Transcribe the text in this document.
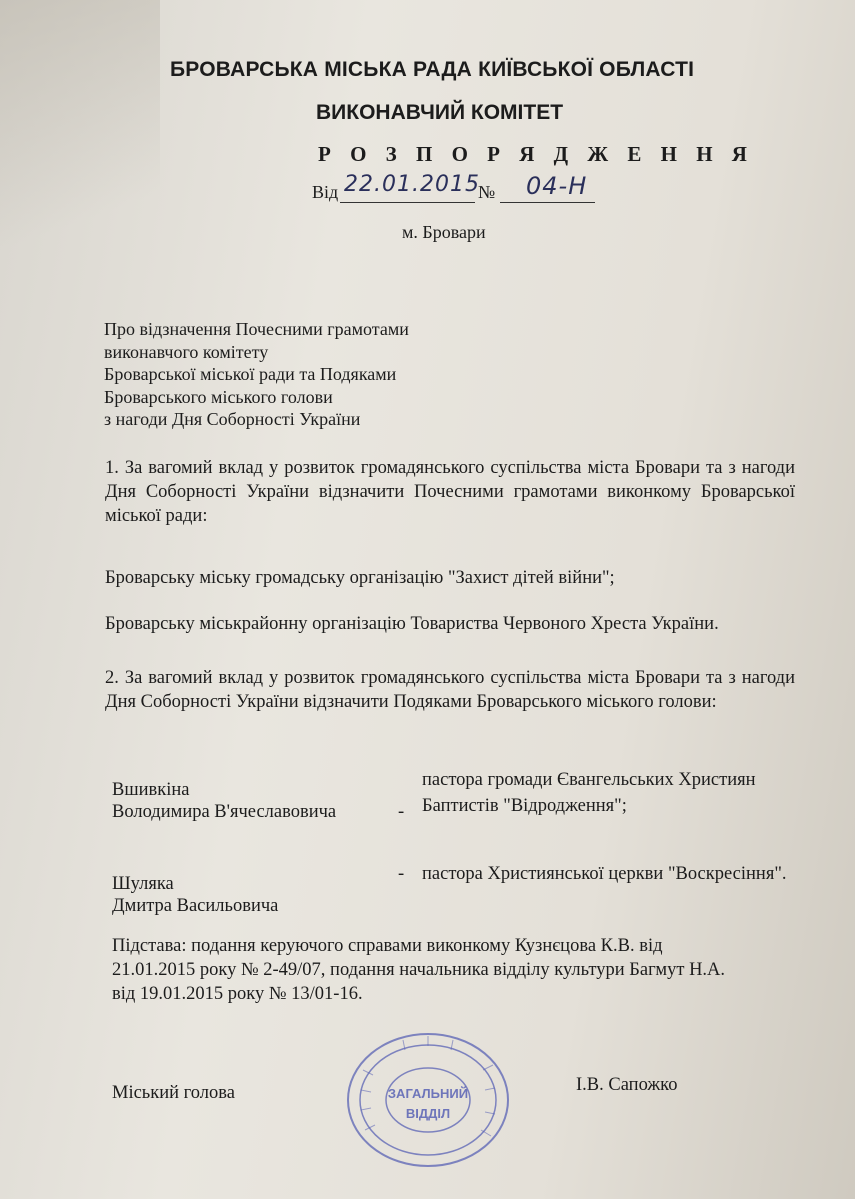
БРОВАРСЬКА МІСЬКА РАДА КИЇВСЬКОЇ ОБЛАСТІ
ВИКОНАВЧИЙ КОМІТЕТ
Р О З П О Р Я Д Ж Е Н Н Я
Від 22.01.2015
№ 04-Н
м. Бровари
Про відзначення Почесними грамотами
виконавчого комітету
Броварської міської ради та Подяками
Броварського міського голови
з нагоди Дня Соборності України
1. За вагомий вклад у розвиток громадянського суспільства міста Бровари та з нагоди Дня Соборності України відзначити Почесними грамотами виконкому Броварської міської ради:
Броварську міську громадську організацію "Захист дітей війни";
Броварську міськрайонну організацію Товариства Червоного Хреста України.
2. За вагомий вклад у розвиток громадянського суспільства міста Бровари та з нагоди Дня Соборності України відзначити Подяками Броварського міського голови:
Вшивкіна
Володимира В'ячеславовича	-
пастора громади Євангельських Християн
Баптистів "Відродження";
Шуляка
Дмитра Васильовича
- пастора Християнської церкви "Воскресіння".
Підстава: подання керуючого справами виконкому Кузнєцова К.В. від
21.01.2015 року № 2-49/07, подання начальника відділу культури Багмут Н.А.
від 19.01.2015 року № 13/01-16.
Міський голова	І.В. Сапожко
ЗАГАЛЬНИЙ
ВІДДІЛ
